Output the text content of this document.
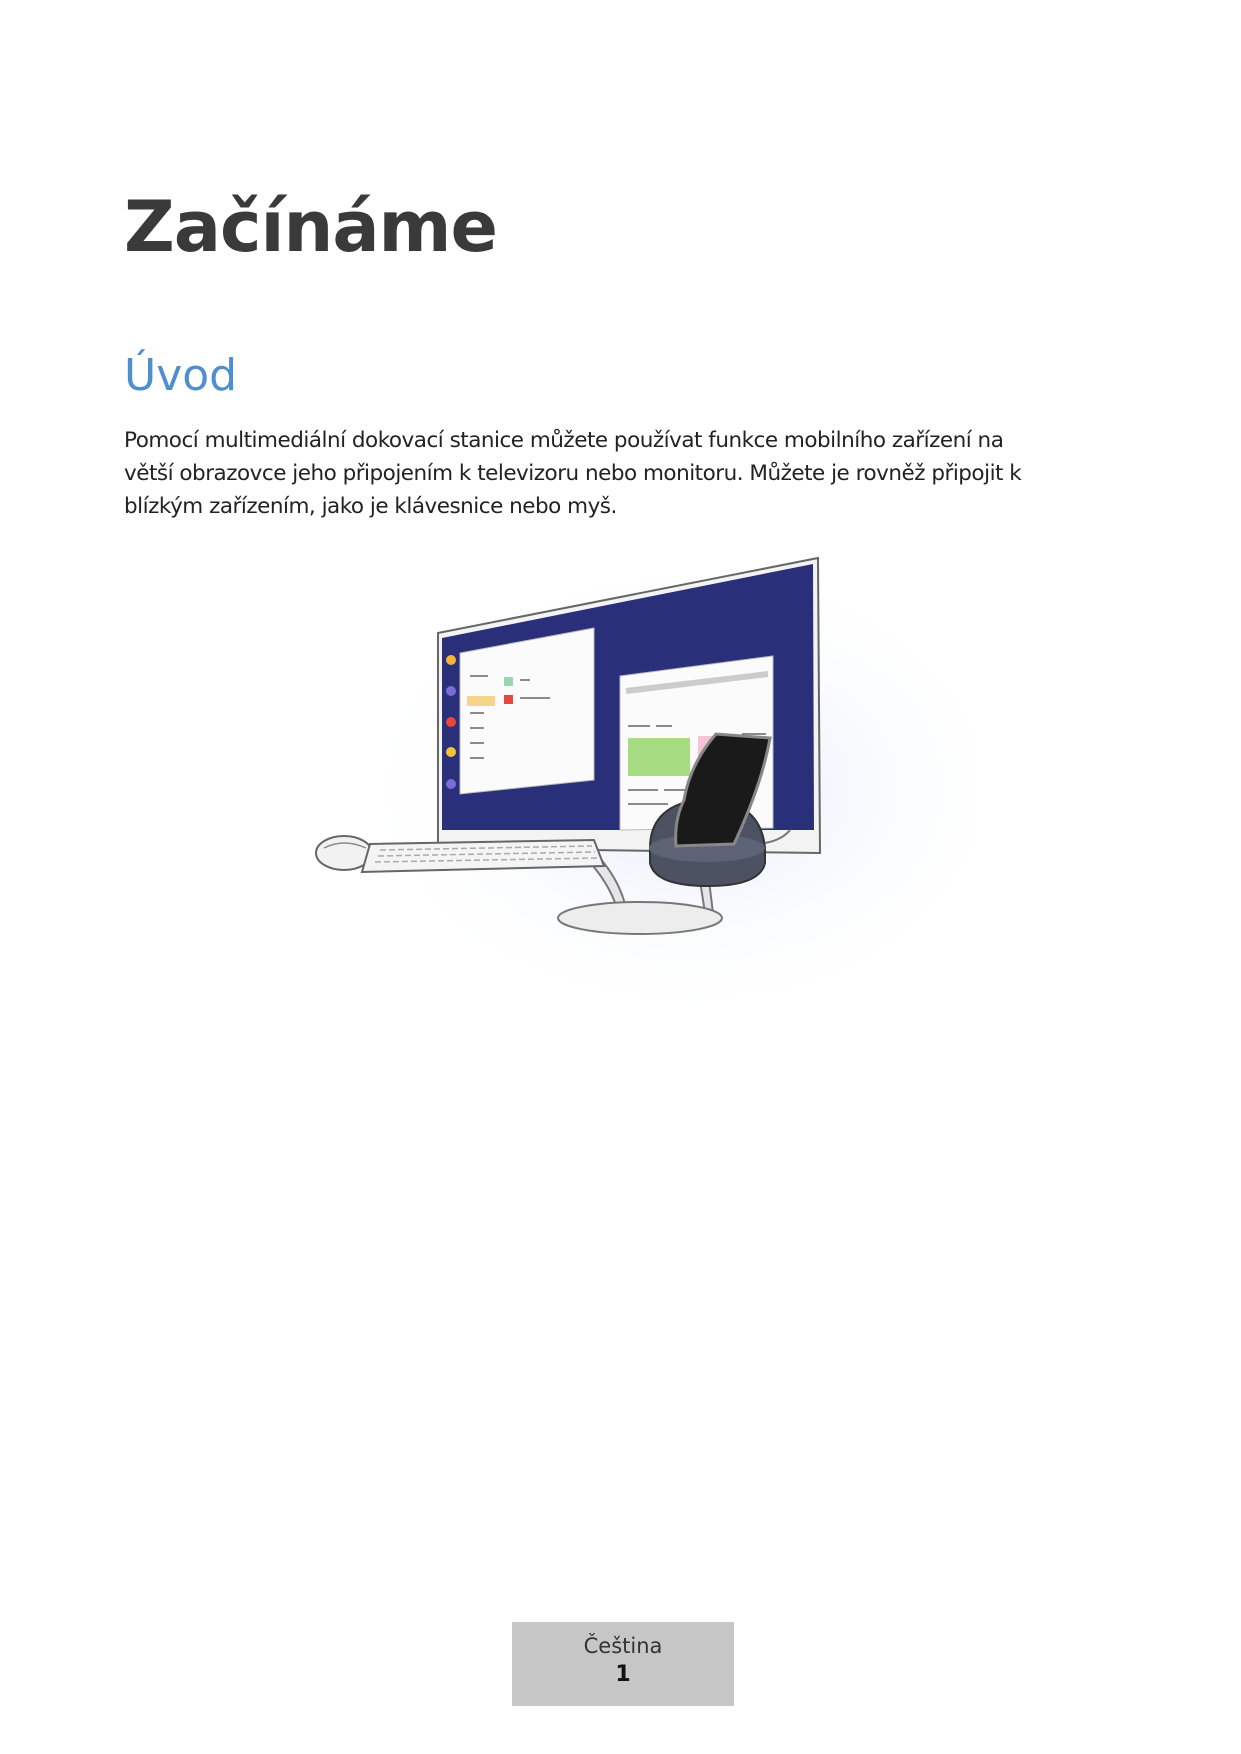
Začínáme
Úvod

Pomocí multimediální dokovací stanice můžete používat funkce mobilního zařízení na větší obrazovce jeho připojením k televizoru nebo monitoru. Můžete je rovněž připojit k blízkým zařízením, jako je klávesnice nebo myš.

Čeština
1
